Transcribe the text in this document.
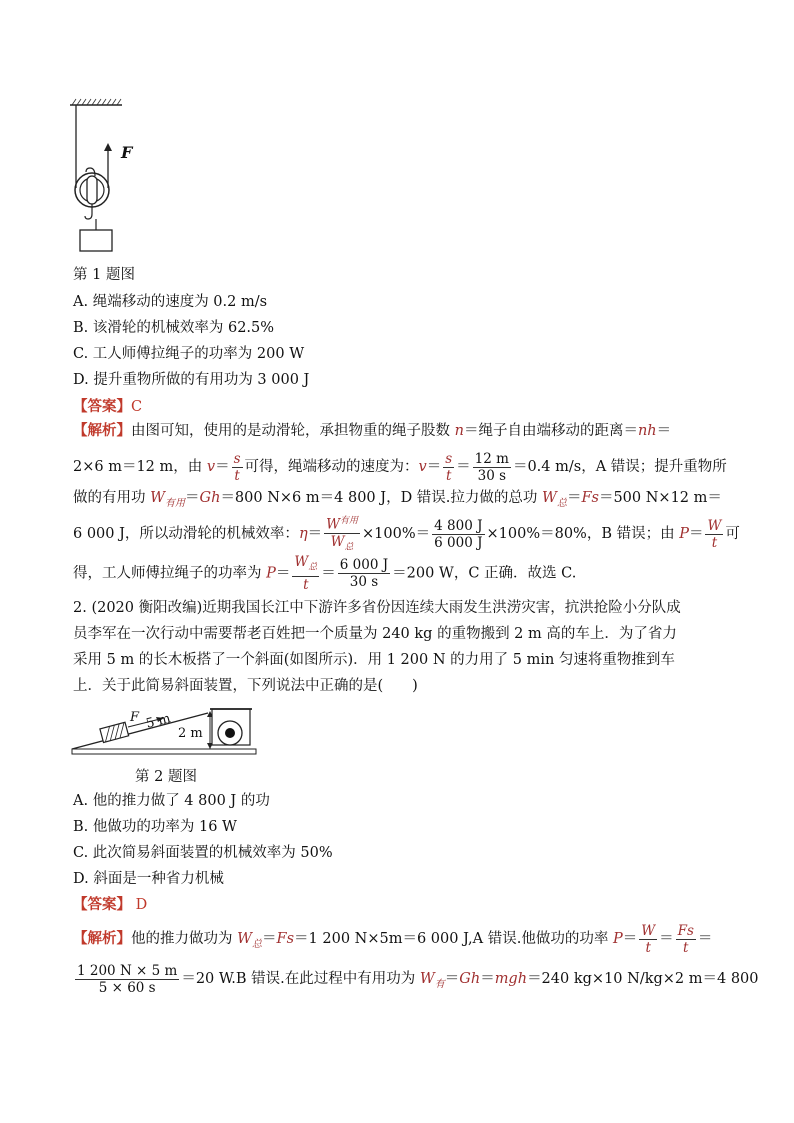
F
第 1 题图
A. 绳端移动的速度为 0.2 m/s
B. 该滑轮的机械效率为 62.5%
C. 工人师傅拉绳子的功率为 200 W
D. 提升重物所做的有用功为 3 000 J
【答案】C
【解析】由图可知，使用的是动滑轮，承担物重的绳子股数 n＝绳子自由端移动的距离＝nh＝
2×6 m＝12 m，由 $v= \frac{s}{t}$ 可得，绳端移动的速度为：$v= \frac{s}{t} = \frac{12 m}{30 s} =0.4$ m/s，A 错误；提升重物所
做的有用功 $W_{有用}=Gh=800$ N×6 m＝4 800 J，D 错误.拉力做的总功 $W_总=Fs=500$ N×12 m＝
6 000 J，所以动滑轮的机械效率：$\eta= \frac{W^{有用}}{W_总} \times 100\%= \frac{4 800 J}{6 000 J} \times 100\%=80\%$，B 错误；由 $P= \frac{W}{t}$ 可
得，工人师傅拉绳子的功率为 $P= \frac{W_总}{t} = \frac{6 000 J}{30 s} =200$ W，C 正确．故选 C.
2. (2020 衡阳改编)近期我国长江中下游许多省份因连续大雨发生洪涝灾害，抗洪抢险小分队成
员李军在一次行动中需要帮老百姓把一个质量为 240 kg 的重物搬到 2 m 高的车上．为了省力
采用 5 m 的长木板搭了一个斜面(如图所示)．用 1 200 N 的力用了 5 min 匀速将重物推到车
上．关于此简易斜面装置，下列说法中正确的是(　　)
F 5 m
2 m
第 2 题图
A. 他的推力做了 4 800 J 的功
B. 他做功的功率为 16 W
C. 此次简易斜面装置的机械效率为 50%
D. 斜面是一种省力机械
【答案】 D
【解析】他的推力做功为 $W_总=Fs=1$ 200 N×5m＝6 000 J,A 错误.他做功的功率 $P= \frac{W}{t} = \frac{Fs}{t}$ ＝
$\frac{1 200 N \times 5 m}{5 \times 60 s} =20$ W.B 错误.在此过程中有用功为 $W_有=Gh=mgh=240$ kg×10 N/kg×2 m＝4 800
